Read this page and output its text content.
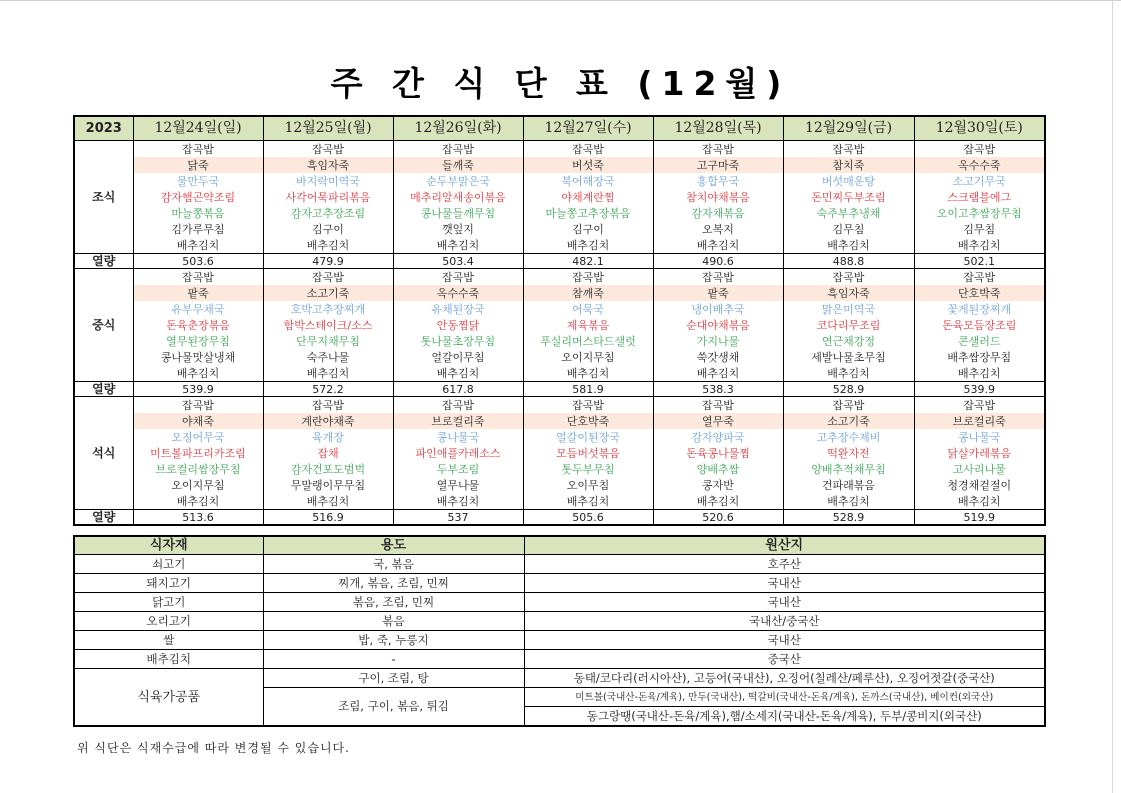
주 간 식 단 표 (12월)
2023	12월24일(일)	12월25일(월)	12월26일(화)	12월27일(수)	12월28일(목)	12월29일(금)	12월30일(토)
조식	잡곡밥	잡곡밥	잡곡밥	잡곡밥	잡곡밥	잡곡밥	잡곡밥
	닭죽	흑임자죽	들깨죽	버섯죽	고구마죽	참치죽	옥수수죽
	물만두국	바지락미역국	순두부맑은국	북어해장국	홍합무국	버섯매운탕	소고기무국
	감자햄곤약조림	사각어묵파리볶음	메추리알새송이볶음	야채계란찜	참치야채볶음	돈민찌두부조림	스크램블에그
	마늘쫑볶음	감자고추장조림	콩나물들깨무침	마늘쫑고추장볶음	감자채볶음	숙주부추냉채	오이고추쌈장무침
	김가루무침	김구이	깻잎지	김구이	오복지	김무침	김무침
	배추김치	배추김치	배추김치	배추김치	배추김치	배추김치	배추김치
열량	503.6	479.9	503.4	482.1	490.6	488.8	502.1
중식	잡곡밥	잡곡밥	잡곡밥	잡곡밥	잡곡밥	잡곡밥	잡곡밥
	팥죽	소고기죽	옥수수죽	참깨죽	팥죽	흑임자죽	단호박죽
	유부무채국	호박고추장찌개	유채된장국	어묵국	냉이배추국	맑은미역국	꽃게된장찌개
	돈육춘장볶음	함박스테이크/소스	안동찜닭	제육볶음	순대야채볶음	코다리무조림	돈육모듬장조림
	열무된장무침	단무지채무침	톳나물초장무침	푸실리머스타드샐럿	가지나물	연근채강정	콘샐러드
	콩나물맛살냉채	숙주나물	얼갈이무침	오이지무침	쑥갓생채	세발나물초무침	배추쌈장무침
	배추김치	배추김치	배추김치	배추김치	배추김치	배추김치	배추김치
열량	539.9	572.2	617.8	581.9	538.3	528.9	539.9
석식	잡곡밥	잡곡밥	잡곡밥	잡곡밥	잡곡밥	잡곡밥	잡곡밥
	야채죽	계란야채죽	브로컬리죽	단호박죽	열무죽	소고기죽	브로컬리죽
	오징어무국	육개장	콩나물국	얼갈이된장국	감자양파국	고추장수제비	콩나물국
	미트볼파프리카조림	잡채	파인애플카레소스	모듬버섯볶음	돈육콩나물찜	떡완자전	닭살카레볶음
	브로컬리쌈장무침	감자건포도범벅	두부조림	톳두부무침	양배추쌈	양배추적채무침	고사리나물
	오이지무침	무말랭이무무침	열무나물	오이무침	콩자반	건파래볶음	청경채겉절이
	배추김치	배추김치	배추김치	배추김치	배추김치	배추김치	배추김치
열량	513.6	516.9	537	505.6	520.6	528.9	519.9
식자재	용도	원산지
쇠고기	국, 볶음	호주산
돼지고기	찌개, 볶음, 조림, 민찌	국내산
닭고기	볶음, 조림, 민찌	국내산
오리고기	볶음	국내산/중국산
쌀	밥, 죽, 누룽지	국내산
배추김치	-	중국산
식육가공품	구이, 조림, 탕	동태/코다리(러시아산), 고등어(국내산), 오징어(칠레산/페루산), 오징어젓갈(중국산)
	조림, 구이, 볶음, 튀김	미트볼(국내산-돈육/계육), 만두(국내산), 떡갈비(국내산-돈육/계육), 돈까스(국내산), 베이컨(외국산)
		동그랑땡(국내산-돈육/계육),햄/소세지(국내산-돈육/계육), 두부/콩비지(외국산)
위 식단은 식재수급에 따라 변경될 수 있습니다.
